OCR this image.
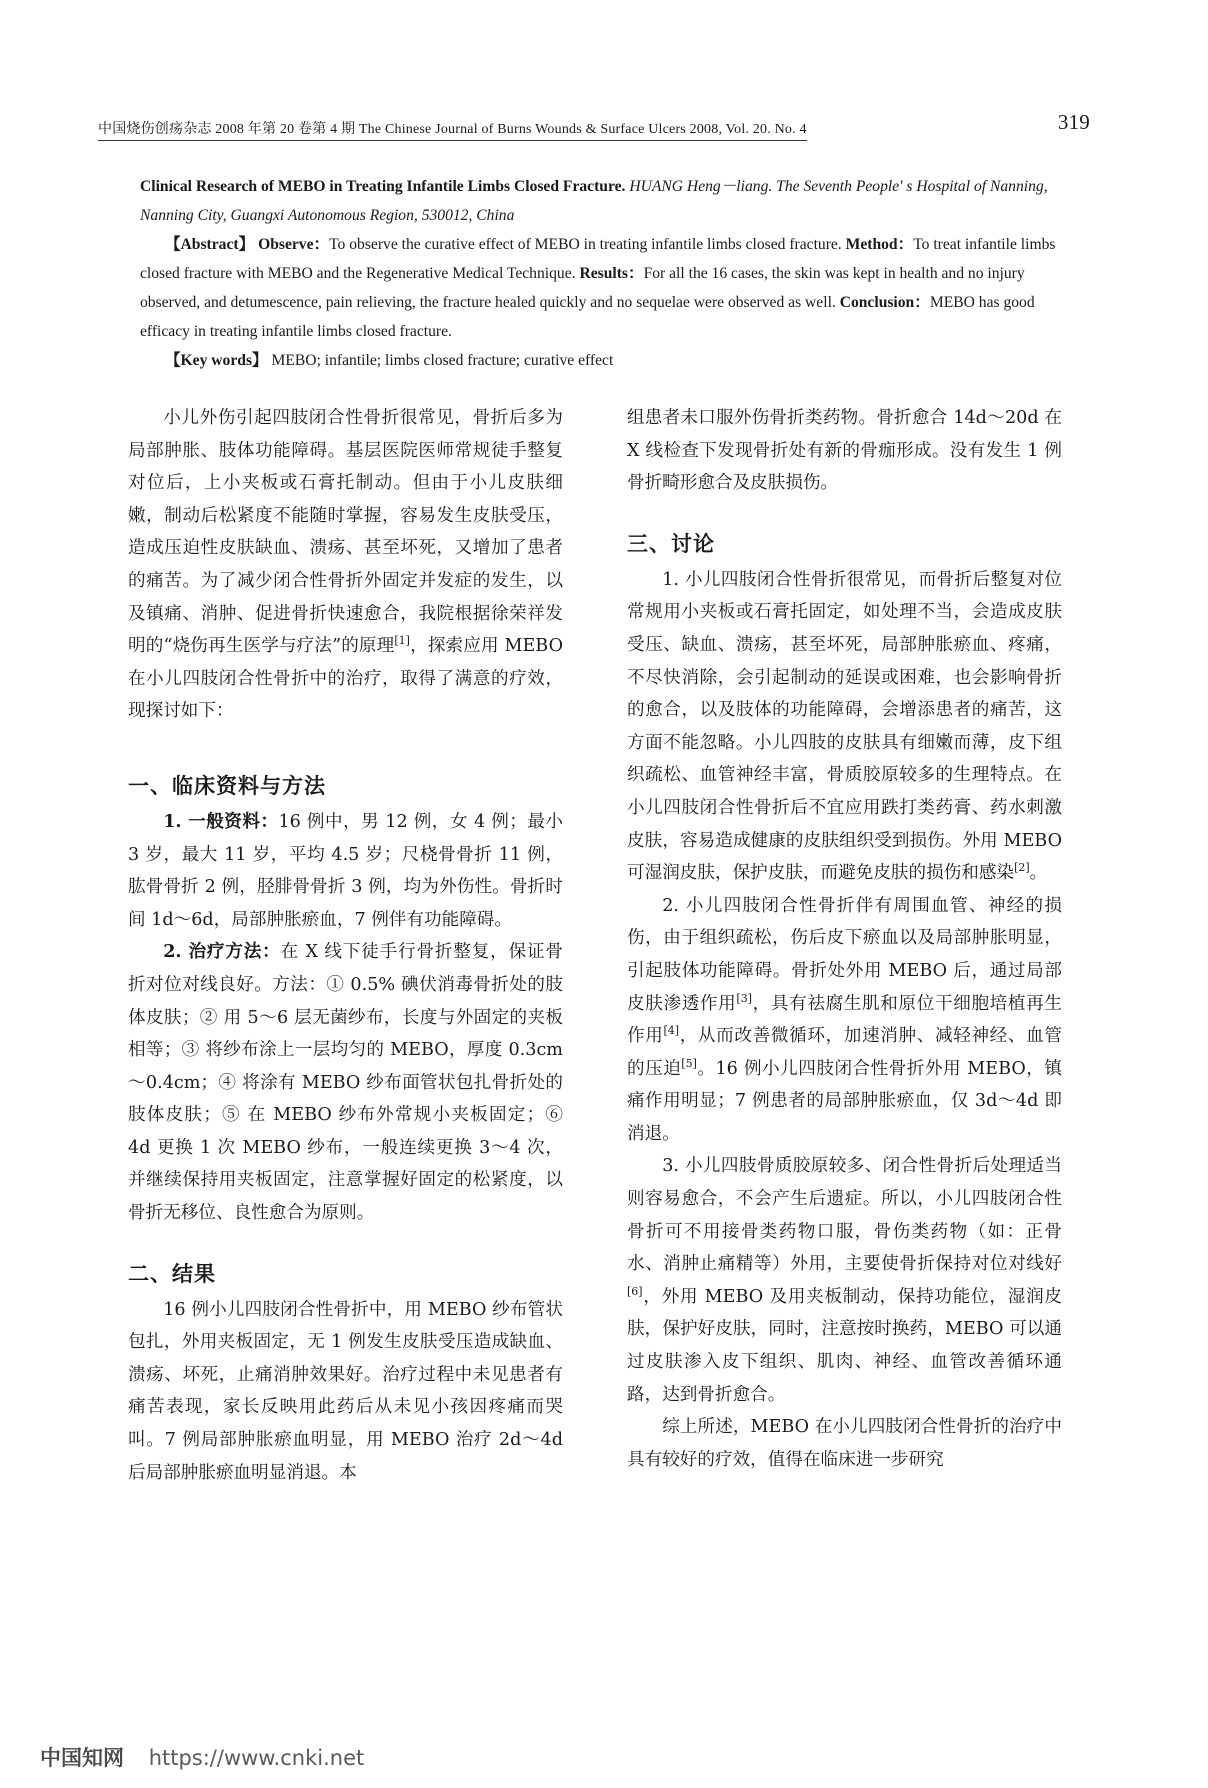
中国烧伤创疡杂志 2008 年第 20 卷第 4 期 The Chinese Journal of Burns Wounds & Surface Ulcers 2008, Vol. 20. No. 4	319

Clinical Research of MEBO in Treating Infantile Limbs Closed Fracture. HUANG Heng－liang. The Seventh People' s Hospital of Nanning, Nanning City, Guangxi Autonomous Region, 530012, China

【Abstract】 Observe：To observe the curative effect of MEBO in treating infantile limbs closed fracture. Method：To treat infantile limbs closed fracture with MEBO and the Regenerative Medical Technique. Results：For all the 16 cases, the skin was kept in health and no injury observed, and detumescence, pain relieving, the fracture healed quickly and no sequelae were observed as well. Conclusion：MEBO has good efficacy in treating infantile limbs closed fracture.

【Key words】 MEBO; infantile; limbs closed fracture; curative effect

小儿外伤引起四肢闭合性骨折很常见，骨折后多为局部肿胀、肢体功能障碍。基层医院医师常规徒手整复对位后，上小夹板或石膏托制动。但由于小儿皮肤细嫩，制动后松紧度不能随时掌握，容易发生皮肤受压，造成压迫性皮肤缺血、溃疡、甚至坏死，又增加了患者的痛苦。为了减少闭合性骨折外固定并发症的发生，以及镇痛、消肿、促进骨折快速愈合，我院根据徐荣祥发明的“烧伤再生医学与疗法”的原理[1]，探索应用 MEBO 在小儿四肢闭合性骨折中的治疗，取得了满意的疗效，现探讨如下：

一、临床资料与方法

1. 一般资料：16 例中，男 12 例，女 4 例；最小 3 岁，最大 11 岁，平均 4.5 岁；尺桡骨骨折 11 例，肱骨骨折 2 例，胫腓骨骨折 3 例，均为外伤性。骨折时间 1d～6d，局部肿胀瘀血，7 例伴有功能障碍。

2. 治疗方法：在 X 线下徒手行骨折整复，保证骨折对位对线良好。方法：① 0.5% 碘伏消毒骨折处的肢体皮肤；② 用 5～6 层无菌纱布，长度与外固定的夹板相等；③ 将纱布涂上一层均匀的 MEBO，厚度 0.3cm～0.4cm；④ 将涂有 MEBO 纱布面管状包扎骨折处的肢体皮肤；⑤ 在 MEBO 纱布外常规小夹板固定；⑥ 4d 更换 1 次 MEBO 纱布，一般连续更换 3～4 次，并继续保持用夹板固定，注意掌握好固定的松紧度，以骨折无移位、良性愈合为原则。

二、结果

16 例小儿四肢闭合性骨折中，用 MEBO 纱布管状包扎，外用夹板固定，无 1 例发生皮肤受压造成缺血、溃疡、坏死，止痛消肿效果好。治疗过程中未见患者有痛苦表现，家长反映用此药后从未见小孩因疼痛而哭叫。7 例局部肿胀瘀血明显，用 MEBO 治疗 2d～4d 后局部肿胀瘀血明显消退。本

组患者未口服外伤骨折类药物。骨折愈合 14d～20d 在 X 线检查下发现骨折处有新的骨痂形成。没有发生 1 例骨折畸形愈合及皮肤损伤。

三、讨论

1. 小儿四肢闭合性骨折很常见，而骨折后整复对位常规用小夹板或石膏托固定，如处理不当，会造成皮肤受压、缺血、溃疡，甚至坏死，局部肿胀瘀血、疼痛，不尽快消除，会引起制动的延误或困难，也会影响骨折的愈合，以及肢体的功能障碍，会增添患者的痛苦，这方面不能忽略。小儿四肢的皮肤具有细嫩而薄，皮下组织疏松、血管神经丰富，骨质胶原较多的生理特点。在小儿四肢闭合性骨折后不宜应用跌打类药膏、药水刺激皮肤，容易造成健康的皮肤组织受到损伤。外用 MEBO 可湿润皮肤，保护皮肤，而避免皮肤的损伤和感染[2]。

2. 小儿四肢闭合性骨折伴有周围血管、神经的损伤，由于组织疏松，伤后皮下瘀血以及局部肿胀明显，引起肢体功能障碍。骨折处外用 MEBO 后，通过局部皮肤渗透作用[3]，具有祛腐生肌和原位干细胞培植再生作用[4]，从而改善微循环，加速消肿、减轻神经、血管的压迫[5]。16 例小儿四肢闭合性骨折外用 MEBO，镇痛作用明显；7 例患者的局部肿胀瘀血，仅 3d～4d 即消退。

3. 小儿四肢骨质胶原较多、闭合性骨折后处理适当则容易愈合，不会产生后遗症。所以，小儿四肢闭合性骨折可不用接骨类药物口服，骨伤类药物（如：正骨水、消肿止痛精等）外用，主要使骨折保持对位对线好[6]，外用 MEBO 及用夹板制动，保持功能位，湿润皮肤，保护好皮肤，同时，注意按时换药，MEBO 可以通过皮肤渗入皮下组织、肌肉、神经、血管改善循环通路，达到骨折愈合。

综上所述，MEBO 在小儿四肢闭合性骨折的治疗中具有较好的疗效，值得在临床进一步研究

中国知网 https://www.cnki.net
